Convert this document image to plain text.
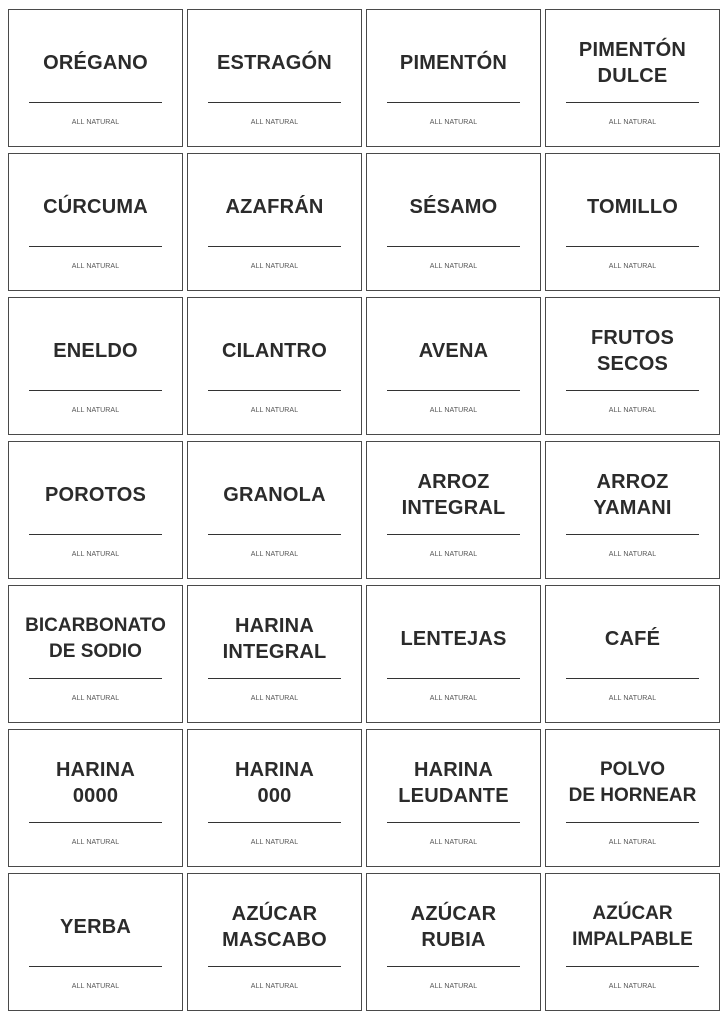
ORÉGANO
ALL NATURAL
ESTRAGÓN
ALL NATURAL
PIMENTÓN
ALL NATURAL
PIMENTÓN
DULCE
ALL NATURAL
CÚRCUMA
ALL NATURAL
AZAFRÁN
ALL NATURAL
SÉSAMO
ALL NATURAL
TOMILLO
ALL NATURAL
ENELDO
ALL NATURAL
CILANTRO
ALL NATURAL
AVENA
ALL NATURAL
FRUTOS
SECOS
ALL NATURAL
POROTOS
ALL NATURAL
GRANOLA
ALL NATURAL
ARROZ
INTEGRAL
ALL NATURAL
ARROZ
YAMANI
ALL NATURAL
BICARBONATO
DE SODIO
ALL NATURAL
HARINA
INTEGRAL
ALL NATURAL
LENTEJAS
ALL NATURAL
CAFÉ
ALL NATURAL
HARINA
0000
ALL NATURAL
HARINA
000
ALL NATURAL
HARINA
LEUDANTE
ALL NATURAL
POLVO
DE HORNEAR
ALL NATURAL
YERBA
ALL NATURAL
AZÚCAR
MASCABO
ALL NATURAL
AZÚCAR
RUBIA
ALL NATURAL
AZÚCAR
IMPALPABLE
ALL NATURAL
